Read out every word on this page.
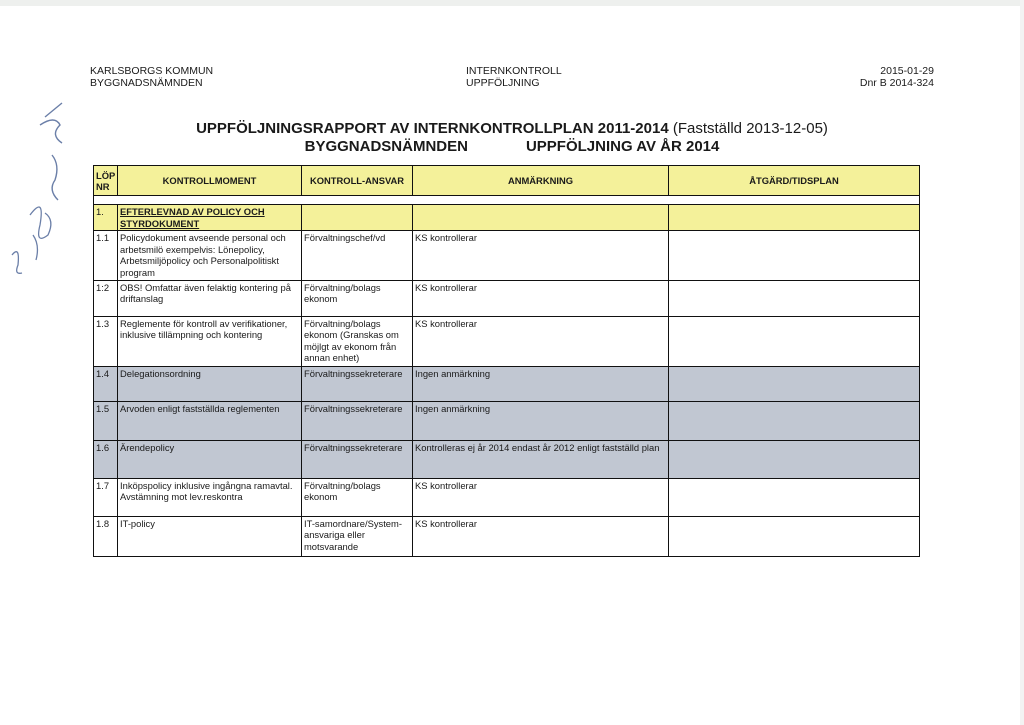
KARLSBORGS KOMMUN
BYGGNADSNÄMNDEN
INTERNKONTROLL
UPPFÖLJNING
2015-01-29
Dnr B 2014-324
UPPFÖLJNINGSRAPPORT AV INTERNKONTROLLPLAN 2011-2014 (Fastställd 2013-12-05)
BYGGNADSNÄMNDEN	UPPFÖLJNING AV ÅR 2014
LÖP NR	KONTROLLMOMENT	KONTROLL-ANSVAR	ANMÄRKNING	ÅTGÄRD/TIDSPLAN

1.	EFTERLEVNAD AV POLICY OCH STYRDOKUMENT			
1.1	Policydokument avseende personal och arbetsmilö exempelvis: Lönepolicy, Arbetsmiljöpolicy och Personalpolitiskt program	Förvaltningschef/vd	KS kontrollerar	
1:2	OBS! Omfattar även felaktig kontering på driftanslag	Förvaltning/bolags ekonom	KS kontrollerar	
1.3	Reglemente för kontroll av verifikationer, inklusive tillämpning och kontering	Förvaltning/bolags ekonom (Granskas om möjlgt av ekonom från annan enhet)	KS kontrollerar	
1.4	Delegationsordning	Förvaltningssekreterare	Ingen anmärkning	
1.5	Arvoden enligt fastställda reglementen	Förvaltningssekreterare	Ingen anmärkning	
1.6	Ärendepolicy	Förvaltningssekreterare	Kontrolleras ej år 2014 endast år 2012 enligt fastställd plan	
1.7	Inköpspolicy inklusive ingångna ramavtal. Avstämning mot lev.reskontra	Förvaltning/bolags ekonom	KS kontrollerar	
1.8	IT-policy	IT-samordnare/System-ansvariga eller motsvarande	KS kontrollerar	
